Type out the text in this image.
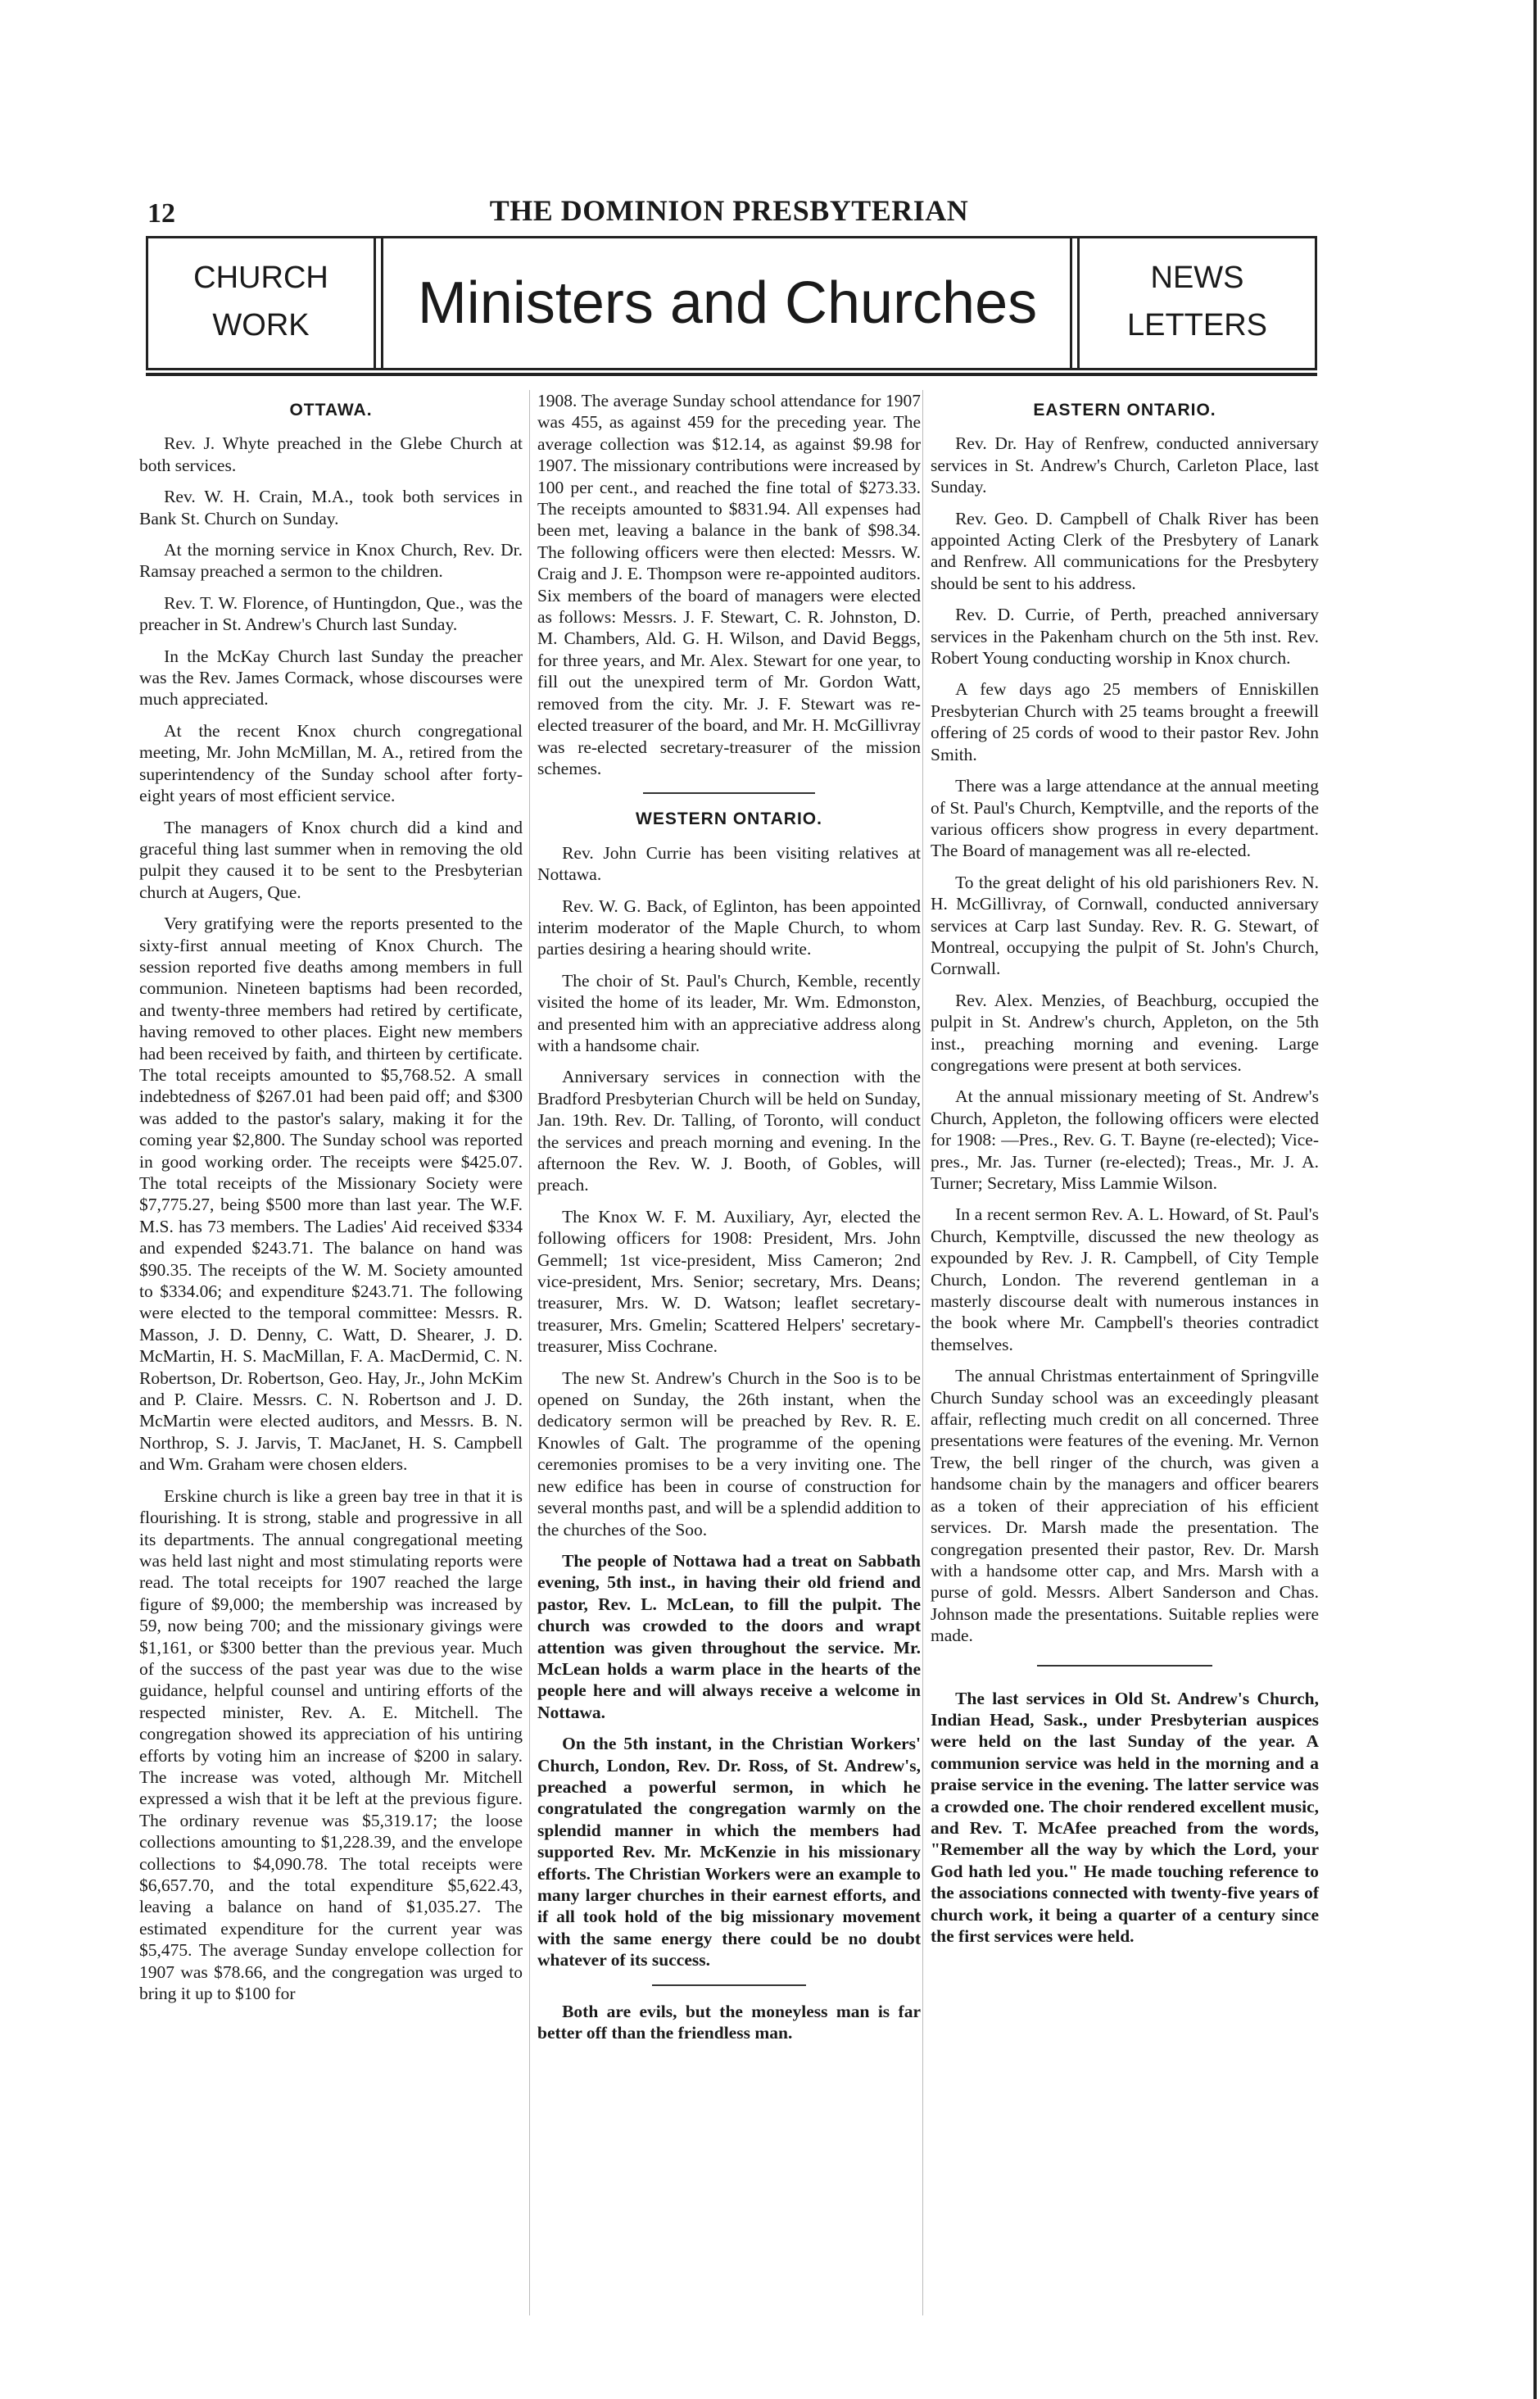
12	THE DOMINION PRESBYTERIAN
CHURCH
WORK	Ministers and Churches	NEWS
LETTERS
OTTAWA.

Rev. J. Whyte preached in the Glebe Church at both services.

Rev. W. H. Crain, M.A., took both services in Bank St. Church on Sunday.

At the morning service in Knox Church, Rev. Dr. Ramsay preached a sermon to the children.

Rev. T. W. Florence, of Huntingdon, Que., was the preacher in St. Andrew's Church last Sunday.

In the McKay Church last Sunday the preacher was the Rev. James Cormack, whose discourses were much appreciated.

At the recent Knox church congregational meeting, Mr. John McMillan, M. A., retired from the superintendency of the Sunday school after forty-eight years of most efficient service.

The managers of Knox church did a kind and graceful thing last summer when in removing the old pulpit they caused it to be sent to the Presbyterian church at Augers, Que.

Very gratifying were the reports presented to the sixty-first annual meeting of Knox Church. The session reported five deaths among members in full communion. Nineteen baptisms had been recorded, and twenty-three members had retired by certificate, having removed to other places. Eight new members had been received by faith, and thirteen by certificate. The total receipts amounted to $5,768.52. A small indebtedness of $267.01 had been paid off; and $300 was added to the pastor's salary, making it for the coming year $2,800. The Sunday school was reported in good working order. The receipts were $425.07. The total receipts of the Missionary Society were $7,775.27, being $500 more than last year. The W.F. M.S. has 73 members. The Ladies' Aid received $334 and expended $243.71. The balance on hand was $90.35. The receipts of the W. M. Society amounted to $334.06; and expenditure $243.71. The following were elected to the temporal committee: Messrs. R. Masson, J. D. Denny, C. Watt, D. Shearer, J. D. McMartin, H. S. MacMillan, F. A. MacDermid, C. N. Robertson, Dr. Robertson, Geo. Hay, Jr., John McKim and P. Claire. Messrs. C. N. Robertson and J. D. McMartin were elected auditors, and Messrs. B. N. Northrop, S. J. Jarvis, T. MacJanet, H. S. Campbell and Wm. Graham were chosen elders.

Erskine church is like a green bay tree in that it is flourishing. It is strong, stable and progressive in all its departments. The annual congregational meeting was held last night and most stimulating reports were read. The total receipts for 1907 reached the large figure of $9,000; the membership was increased by 59, now being 700; and the missionary givings were $1,161, or $300 better than the previous year. Much of the success of the past year was due to the wise guidance, helpful counsel and untiring efforts of the respected minister, Rev. A. E. Mitchell. The congregation showed its appreciation of his untiring efforts by voting him an increase of $200 in salary. The increase was voted, although Mr. Mitchell expressed a wish that it be left at the previous figure. The ordinary revenue was $5,319.17; the loose collections amounting to $1,228.39, and the envelope collections to $4,090.78. The total receipts were $6,657.70, and the total expenditure $5,622.43, leaving a balance on hand of $1,035.27. The estimated expenditure for the current year was $5,475. The average Sunday envelope collection for 1907 was $78.66, and the congregation was urged to bring it up to $100 for

1908. The average Sunday school attendance for 1907 was 455, as against 459 for the preceding year. The average collection was $12.14, as against $9.98 for 1907. The missionary contributions were increased by 100 per cent., and reached the fine total of $273.33. The receipts amounted to $831.94. All expenses had been met, leaving a balance in the bank of $98.34. The following officers were then elected: Messrs. W. Craig and J. E. Thompson were re-appointed auditors. Six members of the board of managers were elected as follows: Messrs. J. F. Stewart, C. R. Johnston, D. M. Chambers, Ald. G. H. Wilson, and David Beggs, for three years, and Mr. Alex. Stewart for one year, to fill out the unexpired term of Mr. Gordon Watt, removed from the city. Mr. J. F. Stewart was re-elected treasurer of the board, and Mr. H. McGillivray was re-elected secretary-treasurer of the mission schemes.

WESTERN ONTARIO.

Rev. John Currie has been visiting relatives at Nottawa.

Rev. W. G. Back, of Eglinton, has been appointed interim moderator of the Maple Church, to whom parties desiring a hearing should write.

The choir of St. Paul's Church, Kemble, recently visited the home of its leader, Mr. Wm. Edmonston, and presented him with an appreciative address along with a handsome chair.

Anniversary services in connection with the Bradford Presbyterian Church will be held on Sunday, Jan. 19th. Rev. Dr. Talling, of Toronto, will conduct the services and preach morning and evening. In the afternoon the Rev. W. J. Booth, of Gobles, will preach.

The Knox W. F. M. Auxiliary, Ayr, elected the following officers for 1908: President, Mrs. John Gemmell; 1st vice-president, Miss Cameron; 2nd vice-president, Mrs. Senior; secretary, Mrs. Deans; treasurer, Mrs. W. D. Watson; leaflet secretary-treasurer, Mrs. Gmelin; Scattered Helpers' secretary-treasurer, Miss Cochrane.

The new St. Andrew's Church in the Soo is to be opened on Sunday, the 26th instant, when the dedicatory sermon will be preached by Rev. R. E. Knowles of Galt. The programme of the opening ceremonies promises to be a very inviting one. The new edifice has been in course of construction for several months past, and will be a splendid addition to the churches of the Soo.

The people of Nottawa had a treat on Sabbath evening, 5th inst., in having their old friend and pastor, Rev. L. McLean, to fill the pulpit. The church was crowded to the doors and wrapt attention was given throughout the service. Mr. McLean holds a warm place in the hearts of the people here and will always receive a welcome in Nottawa.

On the 5th instant, in the Christian Workers' Church, London, Rev. Dr. Ross, of St. Andrew's, preached a powerful sermon, in which he congratulated the congregation warmly on the splendid manner in which the members had supported Rev. Mr. McKenzie in his missionary efforts. The Christian Workers were an example to many larger churches in their earnest efforts, and if all took hold of the big missionary movement with the same energy there could be no doubt whatever of its success.

Both are evils, but the moneyless man is far better off than the friendless man.

EASTERN ONTARIO.

Rev. Dr. Hay of Renfrew, conducted anniversary services in St. Andrew's Church, Carleton Place, last Sunday.

Rev. Geo. D. Campbell of Chalk River has been appointed Acting Clerk of the Presbytery of Lanark and Renfrew. All communications for the Presbytery should be sent to his address.

Rev. D. Currie, of Perth, preached anniversary services in the Pakenham church on the 5th inst. Rev. Robert Young conducting worship in Knox church.

A few days ago 25 members of Enniskillen Presbyterian Church with 25 teams brought a freewill offering of 25 cords of wood to their pastor Rev. John Smith.

There was a large attendance at the annual meeting of St. Paul's Church, Kemptville, and the reports of the various officers show progress in every department. The Board of management was all re-elected.

To the great delight of his old parishioners Rev. N. H. McGillivray, of Cornwall, conducted anniversary services at Carp last Sunday. Rev. R. G. Stewart, of Montreal, occupying the pulpit of St. John's Church, Cornwall.

Rev. Alex. Menzies, of Beachburg, occupied the pulpit in St. Andrew's church, Appleton, on the 5th inst., preaching morning and evening. Large congregations were present at both services.

At the annual missionary meeting of St. Andrew's Church, Appleton, the following officers were elected for 1908: —Pres., Rev. G. T. Bayne (re-elected); Vice-pres., Mr. Jas. Turner (re-elected); Treas., Mr. J. A. Turner; Secretary, Miss Lammie Wilson.

In a recent sermon Rev. A. L. Howard, of St. Paul's Church, Kemptville, discussed the new theology as expounded by Rev. J. R. Campbell, of City Temple Church, London. The reverend gentleman in a masterly discourse dealt with numerous instances in the book where Mr. Campbell's theories contradict themselves.

The annual Christmas entertainment of Springville Church Sunday school was an exceedingly pleasant affair, reflecting much credit on all concerned. Three presentations were features of the evening. Mr. Vernon Trew, the bell ringer of the church, was given a handsome chain by the managers and officer bearers as a token of their appreciation of his efficient services. Dr. Marsh made the presentation. The congregation presented their pastor, Rev. Dr. Marsh with a handsome otter cap, and Mrs. Marsh with a purse of gold. Messrs. Albert Sanderson and Chas. Johnson made the presentations. Suitable replies were made.

The last services in Old St. Andrew's Church, Indian Head, Sask., under Presbyterian auspices were held on the last Sunday of the year. A communion service was held in the morning and a praise service in the evening. The latter service was a crowded one. The choir rendered excellent music, and Rev. T. McAfee preached from the words, "Remember all the way by which the Lord, your God hath led you." He made touching reference to the associations connected with twenty-five years of church work, it being a quarter of a century since the first services were held.
